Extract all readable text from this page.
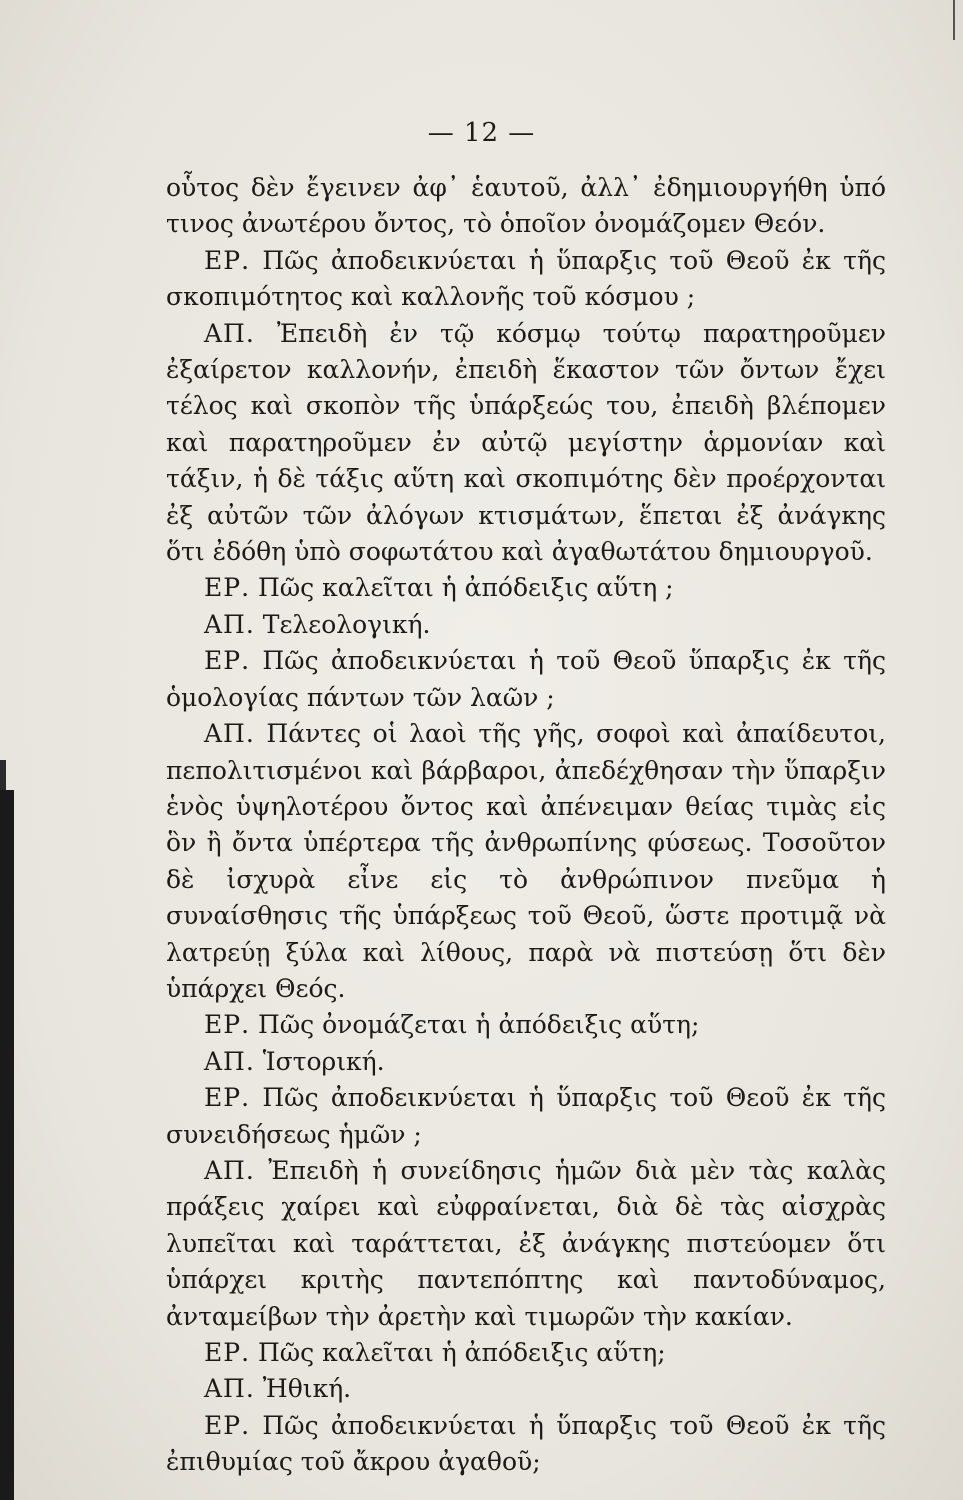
— 12 —

οὗτος δὲν ἔγεινεν ἀφ᾽ ἑαυτοῦ, ἀλλ᾽ ἐδημιουργήθη ὑπό τινος ἀνωτέρου ὄντος, τὸ ὁποῖον ὀνομάζομεν Θεόν.

ΕΡ. Πῶς ἀποδεικνύεται ἡ ὕπαρξις τοῦ Θεοῦ ἐκ τῆς σκοπιμότητος καὶ καλλονῆς τοῦ κόσμου ;

ΑΠ. Ἐπειδὴ ἐν τῷ κόσμῳ τούτῳ παρατηροῦμεν ἐξαίρετον καλλονήν, ἐπειδὴ ἕκαστον τῶν ὄντων ἔχει τέλος καὶ σκοπὸν τῆς ὑπάρξεώς του, ἐπειδὴ βλέπομεν καὶ παρατηροῦμεν ἐν αὐτῷ μεγίστην ἁρμονίαν καὶ τάξιν, ἡ δὲ τάξις αὕτη καὶ σκοπιμότης δὲν προέρχονται ἐξ αὐτῶν τῶν ἀλόγων κτισμάτων, ἕπεται ἐξ ἀνάγκης ὅτι ἐδόθη ὑπὸ σοφωτάτου καὶ ἀγαθωτάτου δημιουργοῦ.

ΕΡ. Πῶς καλεῖται ἡ ἀπόδειξις αὕτη ;

ΑΠ. Τελεολογική.

ΕΡ. Πῶς ἀποδεικνύεται ἡ τοῦ Θεοῦ ὕπαρξις ἐκ τῆς ὁμολογίας πάντων τῶν λαῶν ;

ΑΠ. Πάντες οἱ λαοὶ τῆς γῆς, σοφοὶ καὶ ἀπαίδευτοι, πεπολιτισμένοι καὶ βάρβαροι, ἀπεδέχθησαν τὴν ὕπαρξιν ἑνὸς ὑψηλοτέρου ὄντος καὶ ἀπένειμαν θείας τιμὰς εἰς ὃν ἢ ὄντα ὑπέρτερα τῆς ἀνθρωπίνης φύσεως. Τοσοῦτον δὲ ἰσχυρὰ εἶνε εἰς τὸ ἀνθρώπινον πνεῦμα ἡ συναίσθησις τῆς ὑπάρξεως τοῦ Θεοῦ, ὥστε προτιμᾷ νὰ λατρεύῃ ξύλα καὶ λίθους, παρὰ νὰ πιστεύσῃ ὅτι δὲν ὑπάρχει Θεός.

ΕΡ. Πῶς ὀνομάζεται ἡ ἀπόδειξις αὕτη;

ΑΠ. Ἱστορική.

ΕΡ. Πῶς ἀποδεικνύεται ἡ ὕπαρξις τοῦ Θεοῦ ἐκ τῆς συνειδήσεως ἡμῶν ;

ΑΠ. Ἐπειδὴ ἡ συνείδησις ἡμῶν διὰ μὲν τὰς καλὰς πράξεις χαίρει καὶ εὐφραίνεται, διὰ δὲ τὰς αἰσχρὰς λυπεῖται καὶ ταράττεται, ἐξ ἀνάγκης πιστεύομεν ὅτι ὑπάρχει κριτὴς παντεπόπτης καὶ παντοδύναμος, ἀνταμείβων τὴν ἀρετὴν καὶ τιμωρῶν τὴν κακίαν.

ΕΡ. Πῶς καλεῖται ἡ ἀπόδειξις αὕτη;

ΑΠ. Ἠθική.

ΕΡ. Πῶς ἀποδεικνύεται ἡ ὕπαρξις τοῦ Θεοῦ ἐκ τῆς ἐπιθυμίας τοῦ ἄκρου ἀγαθοῦ;
